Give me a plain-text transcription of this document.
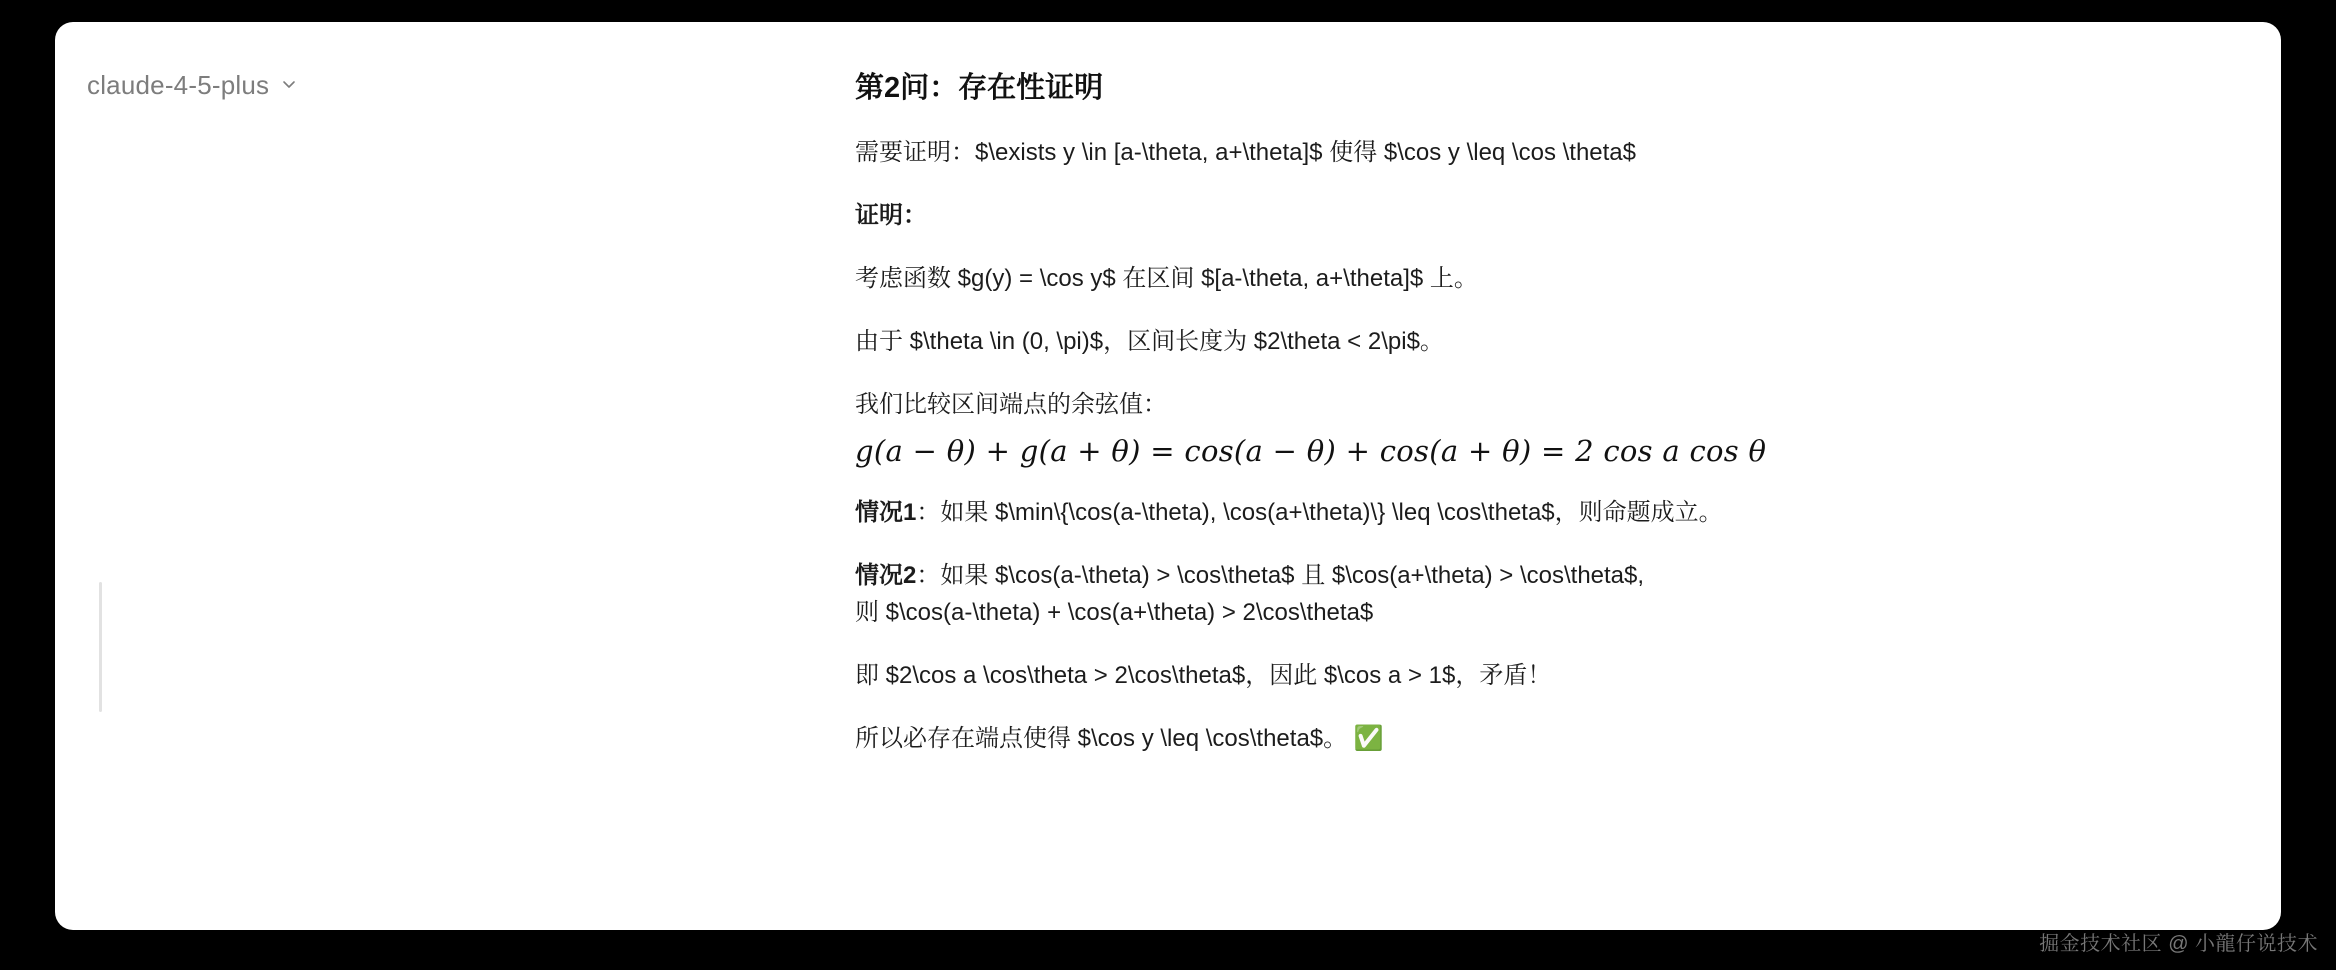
claude-4-5-plus	第2问：存在性证明
需要证明：$\exists y \in [a-\theta, a+\theta]$ 使得 $\cos y \leq \cos \theta$
证明：
考虑函数 $g(y) = \cos y$ 在区间 $[a-\theta, a+\theta]$ 上。
由于 $\theta \in (0, \pi)$，区间长度为 $2\theta < 2\pi$。
我们比较区间端点的余弦值：
g(a − θ) + g(a + θ) = cos(a − θ) + cos(a + θ) = 2 cos a cos θ
情况1：如果 $\min\{\cos(a-\theta), \cos(a+\theta)\} \leq \cos\theta$，则命题成立。
情况2：如果 $\cos(a-\theta) > \cos\theta$ 且 $\cos(a+\theta) > \cos\theta$,
则 $\cos(a-\theta) + \cos(a+\theta) > 2\cos\theta$
即 $2\cos a \cos\theta > 2\cos\theta$，因此 $\cos a > 1$，矛盾！
所以必存在端点使得 $\cos y \leq \cos\theta$。 ✅
掘金技术社区 @ 小龍仔说技术
